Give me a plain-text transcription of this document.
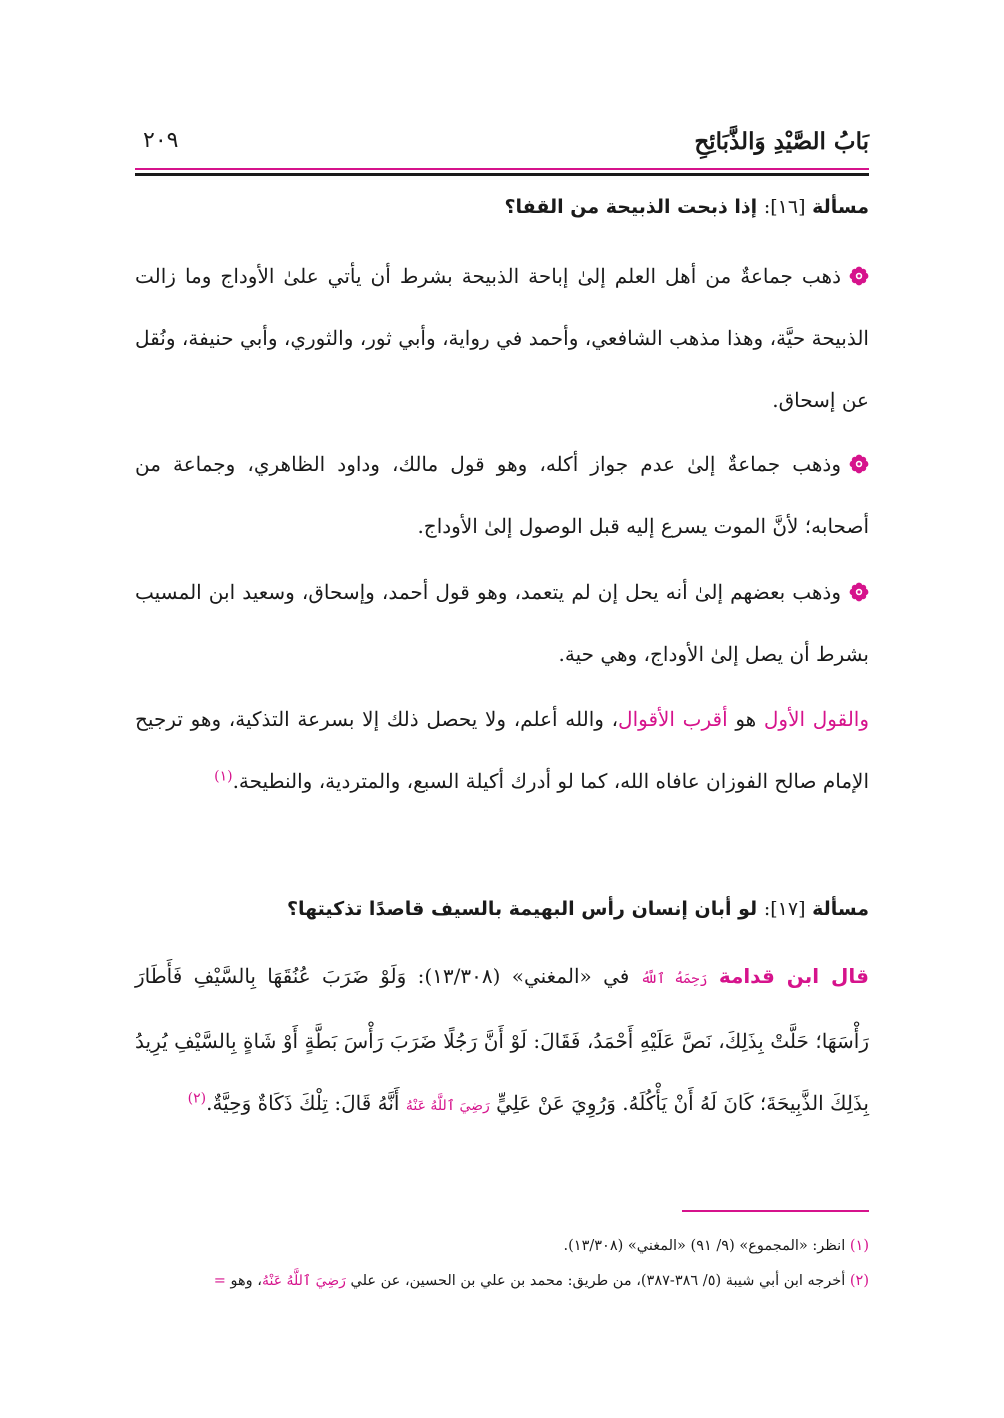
بَابُ الصَّيْدِ وَالذَّبَائِحِ
٢٠٩
مسألة [١٦]: إذا ذبحت الذبيحة من القفا؟

ذهب جماعةٌ من أهل العلم إلىٰ إباحة الذبيحة بشرط أن يأتي علىٰ الأوداج وما زالت الذبيحة حيَّة، وهذا مذهب الشافعي، وأحمد في رواية، وأبي ثور، والثوري، وأبي حنيفة، ونُقل عن إسحاق.

وذهب جماعةٌ إلىٰ عدم جواز أكله، وهو قول مالك، وداود الظاهري، وجماعة من أصحابه؛ لأنَّ الموت يسرع إليه قبل الوصول إلىٰ الأوداج.

وذهب بعضهم إلىٰ أنه يحل إن لم يتعمد، وهو قول أحمد، وإسحاق، وسعيد ابن المسيب بشرط أن يصل إلىٰ الأوداج، وهي حية.

والقول الأول هو أقرب الأقوال، والله أعلم، ولا يحصل ذلك إلا بسرعة التذكية، وهو ترجيح الإمام صالح الفوزان عافاه الله، كما لو أدرك أكيلة السبع، والمتردية، والنطيحة.$^{(١)}$

مسألة [١٧]: لو أبان إنسان رأس البهيمة بالسيف قاصدًا تذكيتها؟

قال ابن قدامة رَحِمَهُ ٱللَّهُ في «المغني» (١٣/٣٠٨): وَلَوْ ضَرَبَ عُنُقَهَا بِالسَّيْفِ فَأَطَارَ رَأْسَهَا؛ حَلَّتْ بِذَلِكَ، نَصَّ عَلَيْهِ أَحْمَدُ، فَقَالَ: لَوْ أَنَّ رَجُلًا ضَرَبَ رَأْسَ بَطَّةٍ أَوْ شَاةٍ بِالسَّيْفِ يُرِيدُ بِذَلِكَ الذَّبِيحَةَ؛ كَانَ لَهُ أَنْ يَأْكُلَهُ. وَرُوِيَ عَنْ عَلِيٍّ رَضِيَ ٱللَّهُ عَنْهُ أَنَّهُ قَالَ: تِلْكَ ذَكَاةٌ وَحِيَّةٌ.$^{(٢)}$

(١) انظر: «المجموع» (٩/ ٩١) «المغني» (١٣/٣٠٨).
(٢) أخرجه ابن أبي شيبة (٥/ ٣٨٦-٣٨٧)، من طريق: محمد بن علي بن الحسين، عن علي رَضِيَ ٱللَّهُ عَنْهُ، وهو =
